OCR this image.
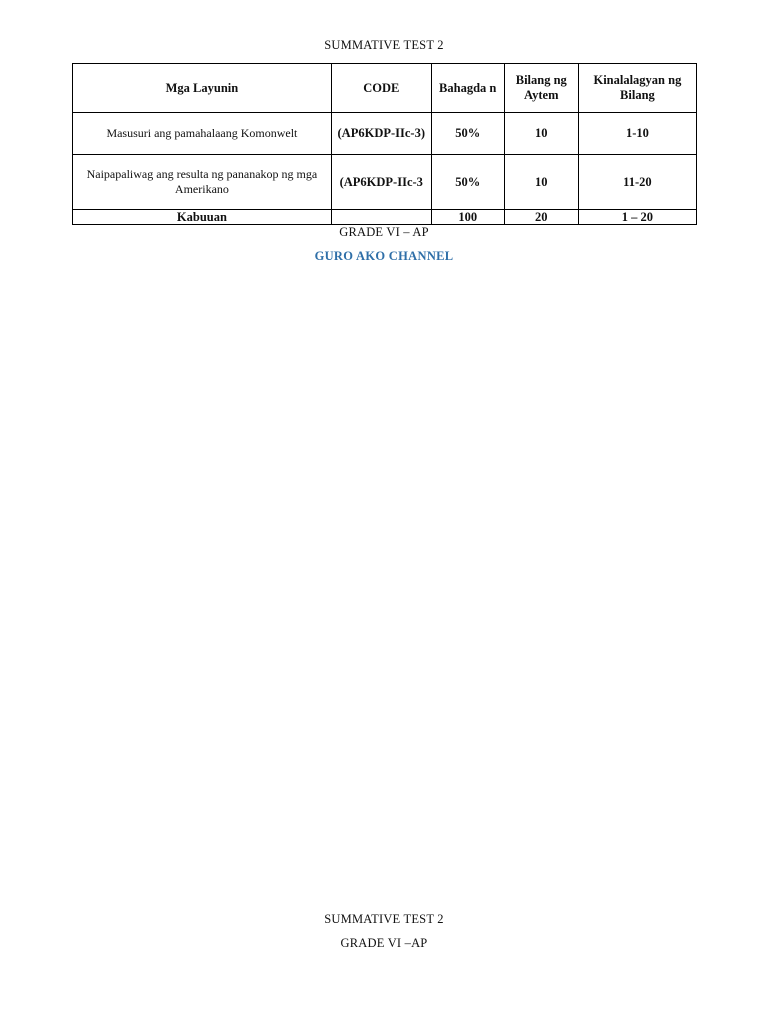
SUMMATIVE TEST 2
Mga Layunin	CODE	Bahagda n	Bilang ng Aytem	Kinalalagyan ng Bilang
Masusuri ang pamahalaang Komonwelt	(AP6KDP-IIc-3)	50%	10	1-10
Naipapaliwag ang resulta ng pananakop ng mga Amerikano	(AP6KDP-IIc-3	50%	10	11-20
Kabuuan		100	20	1 – 20
GRADE VI – AP
GURO AKO CHANNEL
SUMMATIVE TEST 2
GRADE VI –AP
